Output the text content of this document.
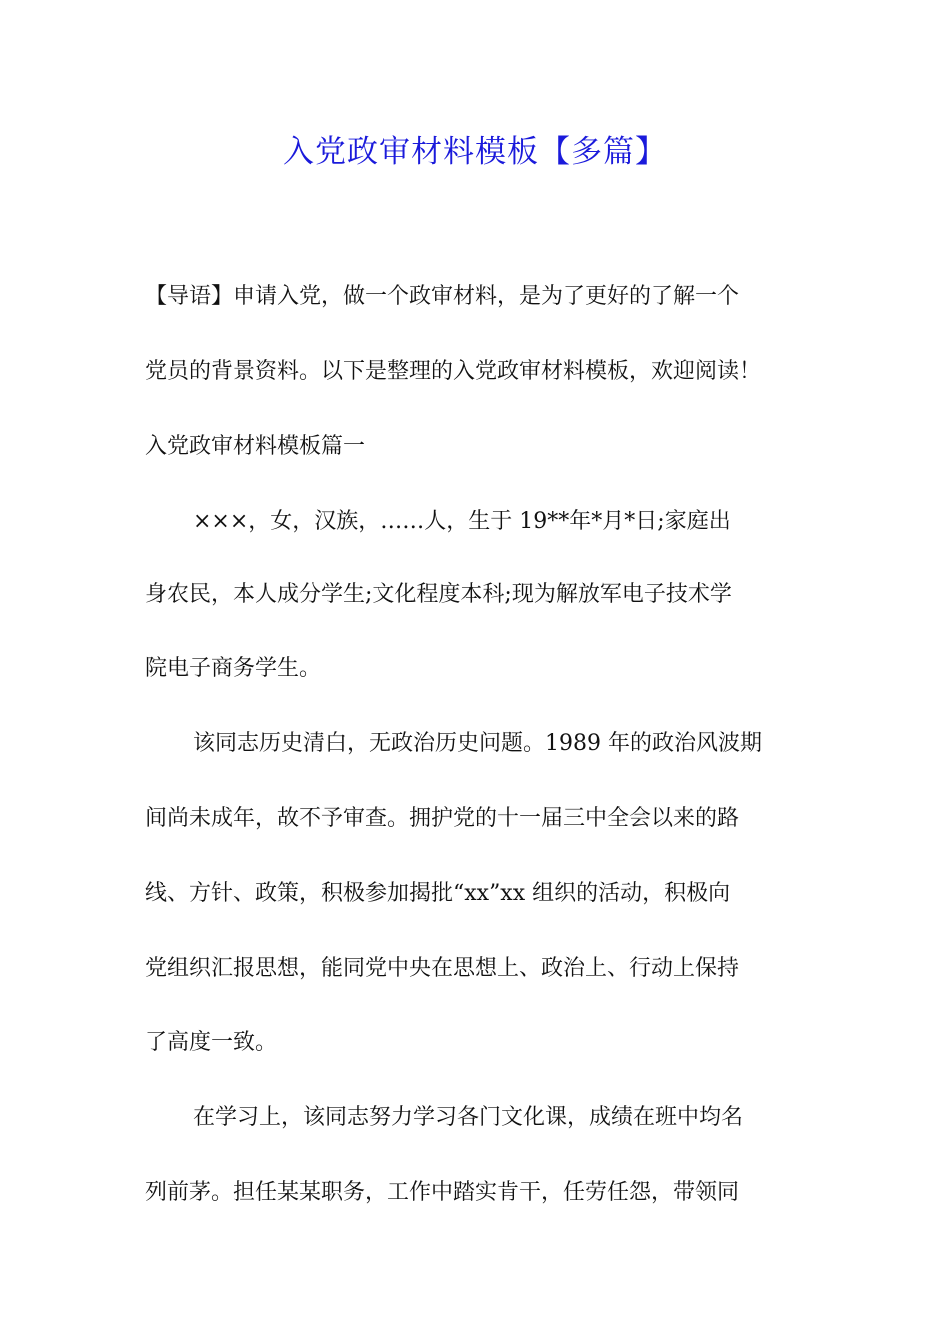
入党政审材料模板【多篇】
【导语】申请入党，做一个政审材料，是为了更好的了解一个
党员的背景资料。以下是整理的入党政审材料模板，欢迎阅读！
入党政审材料模板篇一
×××，女，汉族，……人，生于 19**年*月*日;家庭出
身农民，本人成分学生;文化程度本科;现为解放军电子技术学
院电子商务学生。
该同志历史清白，无政治历史问题。1989 年的政治风波期
间尚未成年，故不予审查。拥护党的十一届三中全会以来的路
线、方针、政策，积极参加揭批“xx”xx 组织的活动，积极向
党组织汇报思想，能同党中央在思想上、政治上、行动上保持
了高度一致。
在学习上，该同志努力学习各门文化课，成绩在班中均名
列前茅。担任某某职务，工作中踏实肯干，任劳任怨，带领同
